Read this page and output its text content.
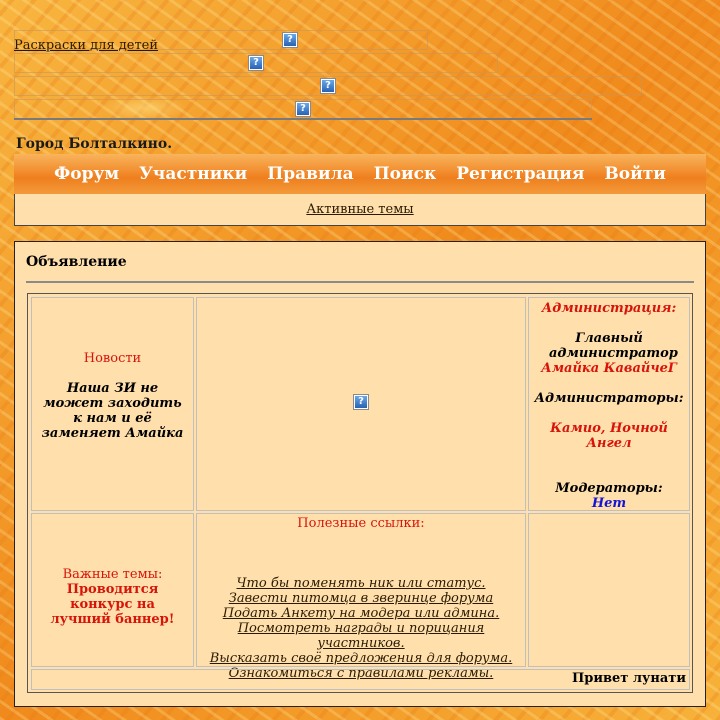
Раскраски для детей	?
?
?
?
Город Болталкино.
Форум Участники Правила Поиск Регистрация Войти
Активные темы
Объявление
Новости
Наша ЗИ не может заходить к нам и её заменяет Амайка
?
Администрация:
Главный администратор
Амайка КавайчеГ
Администраторы:
Камио, Ночной Ангел
Модераторы:
Нет
Важные темы:
Проводится конкурс на лучший баннер!
Полезные ссылки:
Что бы поменять ник или статус.
Завести питомца в зверинце форума
Подать Анкету на модера или админа.
Посмотреть награды и порицания участников.
Высказать своё предложения для форума.
Ознакомиться с правилами рекламы.	Привет лунати
